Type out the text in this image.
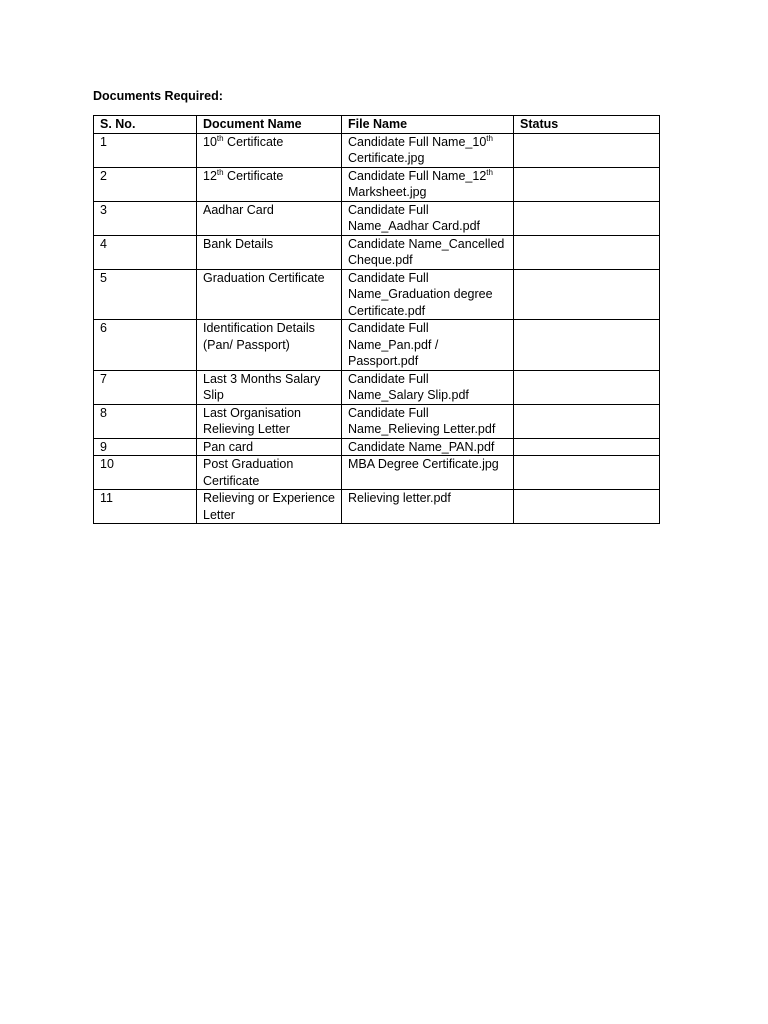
Documents Required:
S. No.	Document Name	File Name	Status
1	10th Certificate	Candidate Full Name_10th Certificate.jpg	
2	12th Certificate	Candidate Full Name_12th Marksheet.jpg	
3	Aadhar Card	Candidate Full Name_Aadhar Card.pdf	
4	Bank Details	Candidate Name_Cancelled Cheque.pdf	
5	Graduation Certificate	Candidate Full Name_Graduation degree Certificate.pdf	
6	Identification Details (Pan/ Passport)	Candidate Full Name_Pan.pdf / Passport.pdf	
7	Last 3 Months Salary Slip	Candidate Full Name_Salary Slip.pdf	
8	Last Organisation Relieving Letter	Candidate Full Name_Relieving Letter.pdf	
9	Pan card	Candidate Name_PAN.pdf	
10	Post Graduation Certificate	MBA Degree Certificate.jpg	
11	Relieving or Experience Letter	Relieving letter.pdf	
